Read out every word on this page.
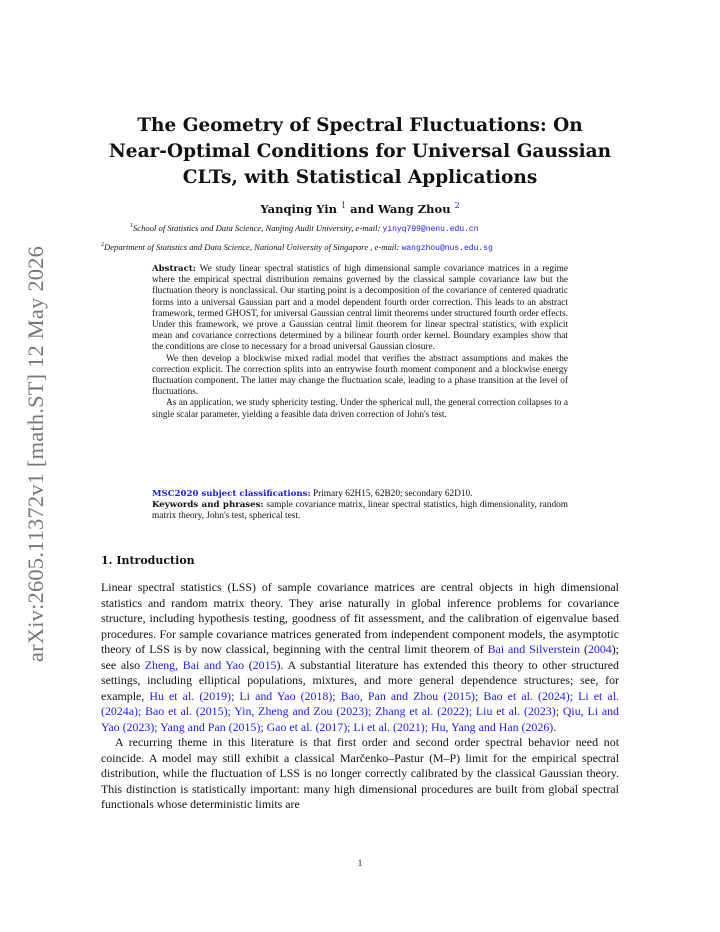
arXiv:2605.11372v1 [math.ST] 12 May 2026
The Geometry of Spectral Fluctuations: On
Near-Optimal Conditions for Universal Gaussian
CLTs, with Statistical Applications
Yanqing Yin $^1$ and Wang Zhou $^2$
$^1$School of Statistics and Data Science, Nanjing Audit University, e-mail: yinyq799@nenu.edu.cn
$^2$Department of Statistics and Data Science, National University of Singapore , e-mail: wangzhou@nus.edu.sg

Abstract: We study linear spectral statistics of high dimensional sample covariance matrices in a regime where the empirical spectral distribution remains governed by the classical sample covariance law but the fluctuation theory is nonclassical. Our starting point is a decomposition of the covariance of centered quadratic forms into a universal Gaussian part and a model dependent fourth order correction. This leads to an abstract framework, termed GHOST, for universal Gaussian central limit theorems under structured fourth order effects. Under this framework, we prove a Gaussian central limit theorem for linear spectral statistics, with explicit mean and covariance corrections determined by a bilinear fourth order kernel. Boundary examples show that the conditions are close to necessary for a broad universal Gaussian closure.

We then develop a blockwise mixed radial model that verifies the abstract assumptions and makes the correction explicit. The correction splits into an entrywise fourth moment component and a blockwise energy fluctuation component. The latter may change the fluctuation scale, leading to a phase transition at the level of fluctuations.

As an application, we study sphericity testing. Under the spherical null, the general correction collapses to a single scalar parameter, yielding a feasible data driven correction of John's test.

MSC2020 subject classifications: Primary 62H15, 62B20; secondary 62D10.

Keywords and phrases: sample covariance matrix, linear spectral statistics, high dimensionality, random matrix theory, John's test, spherical test.

1. Introduction

Linear spectral statistics (LSS) of sample covariance matrices are central objects in high dimensional statistics and random matrix theory. They arise naturally in global inference problems for covariance structure, including hypothesis testing, goodness of fit assessment, and the calibration of eigenvalue based procedures. For sample covariance matrices generated from independent component models, the asymptotic theory of LSS is by now classical, beginning with the central limit theorem of Bai and Silverstein (2004); see also Zheng, Bai and Yao (2015). A substantial literature has extended this theory to other structured settings, including elliptical populations, mixtures, and more general dependence structures; see, for example, Hu et al. (2019); Li and Yao (2018); Bao, Pan and Zhou (2015); Bao et al. (2024); Li et al. (2024a); Bao et al. (2015); Yin, Zheng and Zou (2023); Zhang et al. (2022); Liu et al. (2023); Qiu, Li and Yao (2023); Yang and Pan (2015); Gao et al. (2017); Li et al. (2021); Hu, Yang and Han (2026).

A recurring theme in this literature is that first order and second order spectral behavior need not coincide. A model may still exhibit a classical Marčenko–Pastur (M–P) limit for the empirical spectral distribution, while the fluctuation of LSS is no longer correctly calibrated by the classical Gaussian theory. This distinction is statistically important: many high dimensional procedures are built from global spectral functionals whose deterministic limits are

1
